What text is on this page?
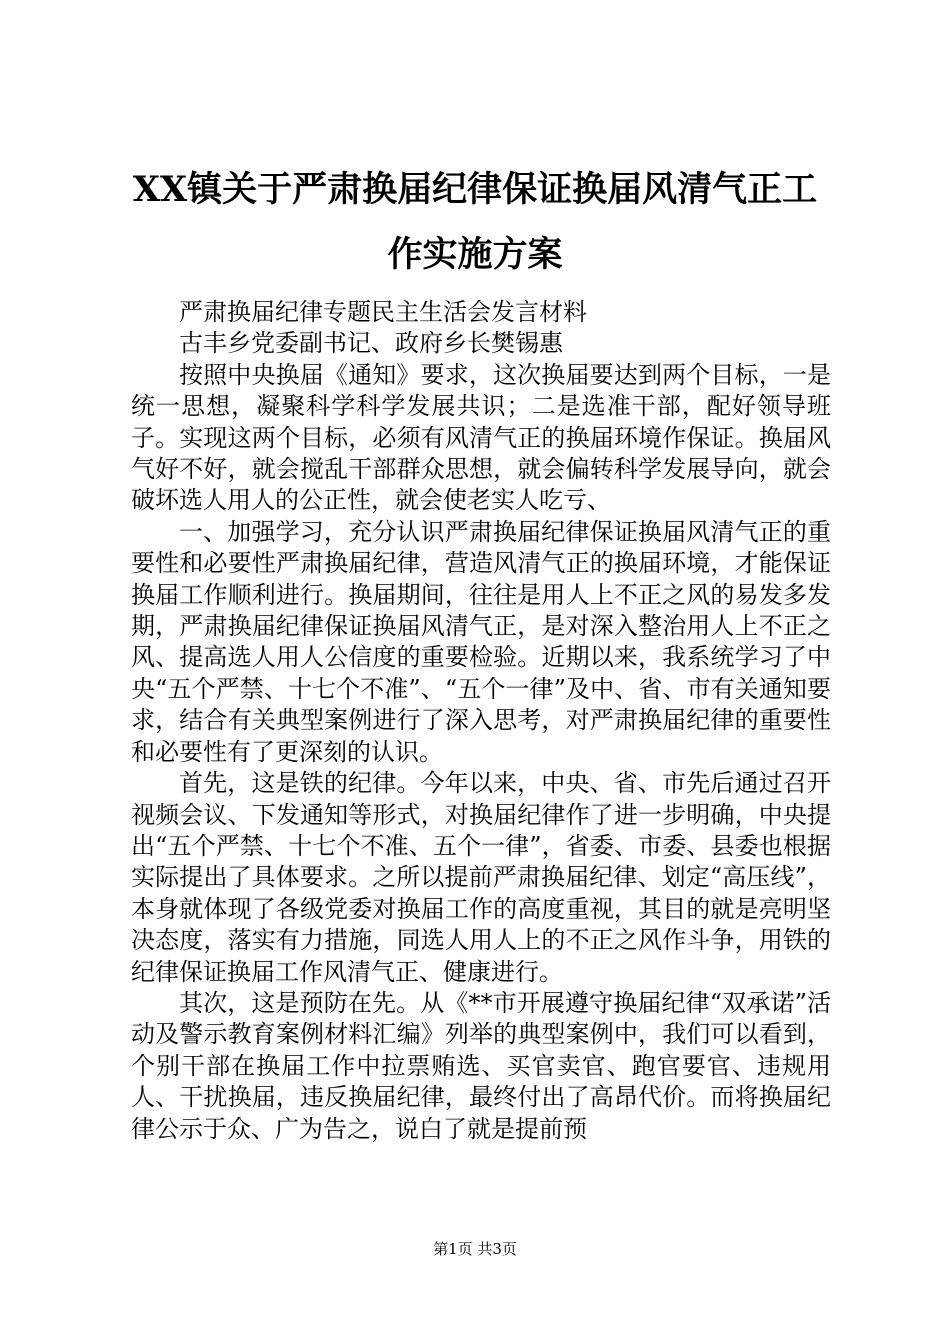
XX镇关于严肃换届纪律保证换届风清气正工
作实施方案

严肃换届纪律专题民主生活会发言材料

古丰乡党委副书记、政府乡长樊锡惠

按照中央换届《通知》要求，这次换届要达到两个目标，一是统一思想，凝聚科学科学发展共识；二是选准干部，配好领导班子。实现这两个目标，必须有风清气正的换届环境作保证。换届风气好不好，就会搅乱干部群众思想，就会偏转科学发展导向，就会破坏选人用人的公正性，就会使老实人吃亏、

一、加强学习，充分认识严肃换届纪律保证换届风清气正的重要性和必要性严肃换届纪律，营造风清气正的换届环境，才能保证换届工作顺利进行。换届期间，往往是用人上不正之风的易发多发期，严肃换届纪律保证换届风清气正，是对深入整治用人上不正之风、提高选人用人公信度的重要检验。近期以来，我系统学习了中央“五个严禁、十七个不准”、“五个一律”及中、省、市有关通知要求，结合有关典型案例进行了深入思考，对严肃换届纪律的重要性和必要性有了更深刻的认识。

首先，这是铁的纪律。今年以来，中央、省、市先后通过召开视频会议、下发通知等形式，对换届纪律作了进一步明确，中央提出“五个严禁、十七个不准、五个一律”，省委、市委、县委也根据实际提出了具体要求。之所以提前严肃换届纪律、划定“高压线”，本身就体现了各级党委对换届工作的高度重视，其目的就是亮明坚决态度，落实有力措施，同选人用人上的不正之风作斗争，用铁的纪律保证换届工作风清气正、健康进行。

其次，这是预防在先。从《**市开展遵守换届纪律“双承诺”活动及警示教育案例材料汇编》列举的典型案例中，我们可以看到，个别干部在换届工作中拉票贿选、买官卖官、跑官要官、违规用人、干扰换届，违反换届纪律，最终付出了高昂代价。而将换届纪律公示于众、广为告之，说白了就是提前预

第1页 共3页
